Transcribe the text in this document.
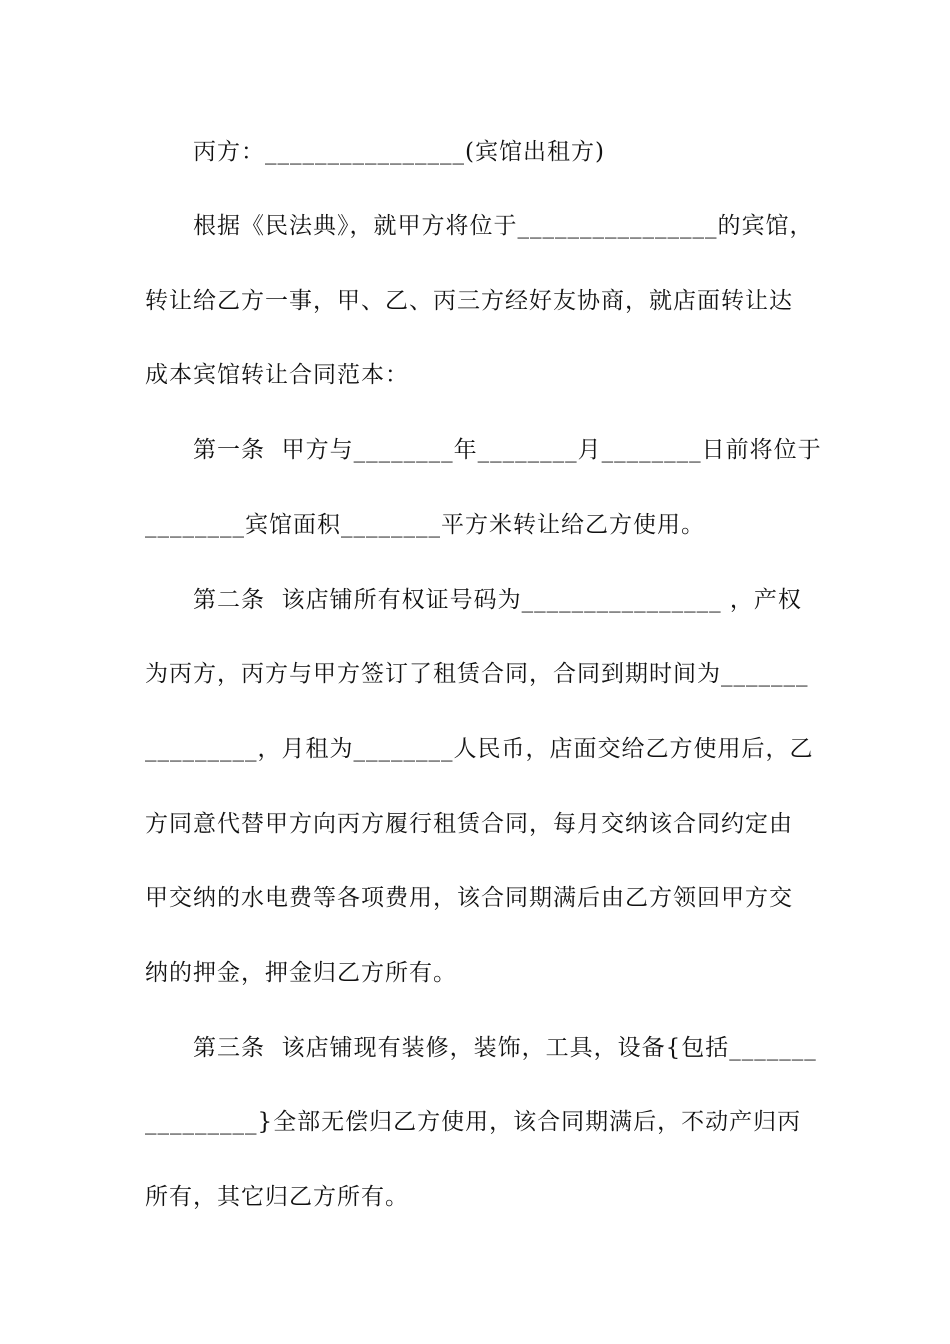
丙方：________________(宾馆出租方)
根据《民法典》，就甲方将位于________________的宾馆，
转让给乙方一事，甲、乙、丙三方经好友协商，就店面转让达
成本宾馆转让合同范本：
第一条  甲方与________年________月________日前将位于
________宾馆面积________平方米转让给乙方使用。
第二条  该店铺所有权证号码为________________ ，产权
为丙方，丙方与甲方签订了租赁合同，合同到期时间为_______
_________，月租为________人民币，店面交给乙方使用后，乙
方同意代替甲方向丙方履行租赁合同，每月交纳该合同约定由
甲交纳的水电费等各项费用，该合同期满后由乙方领回甲方交
纳的押金，押金归乙方所有。
第三条  该店铺现有装修，装饰，工具，设备{包括_______
_________}全部无偿归乙方使用，该合同期满后，不动产归丙
所有，其它归乙方所有。
